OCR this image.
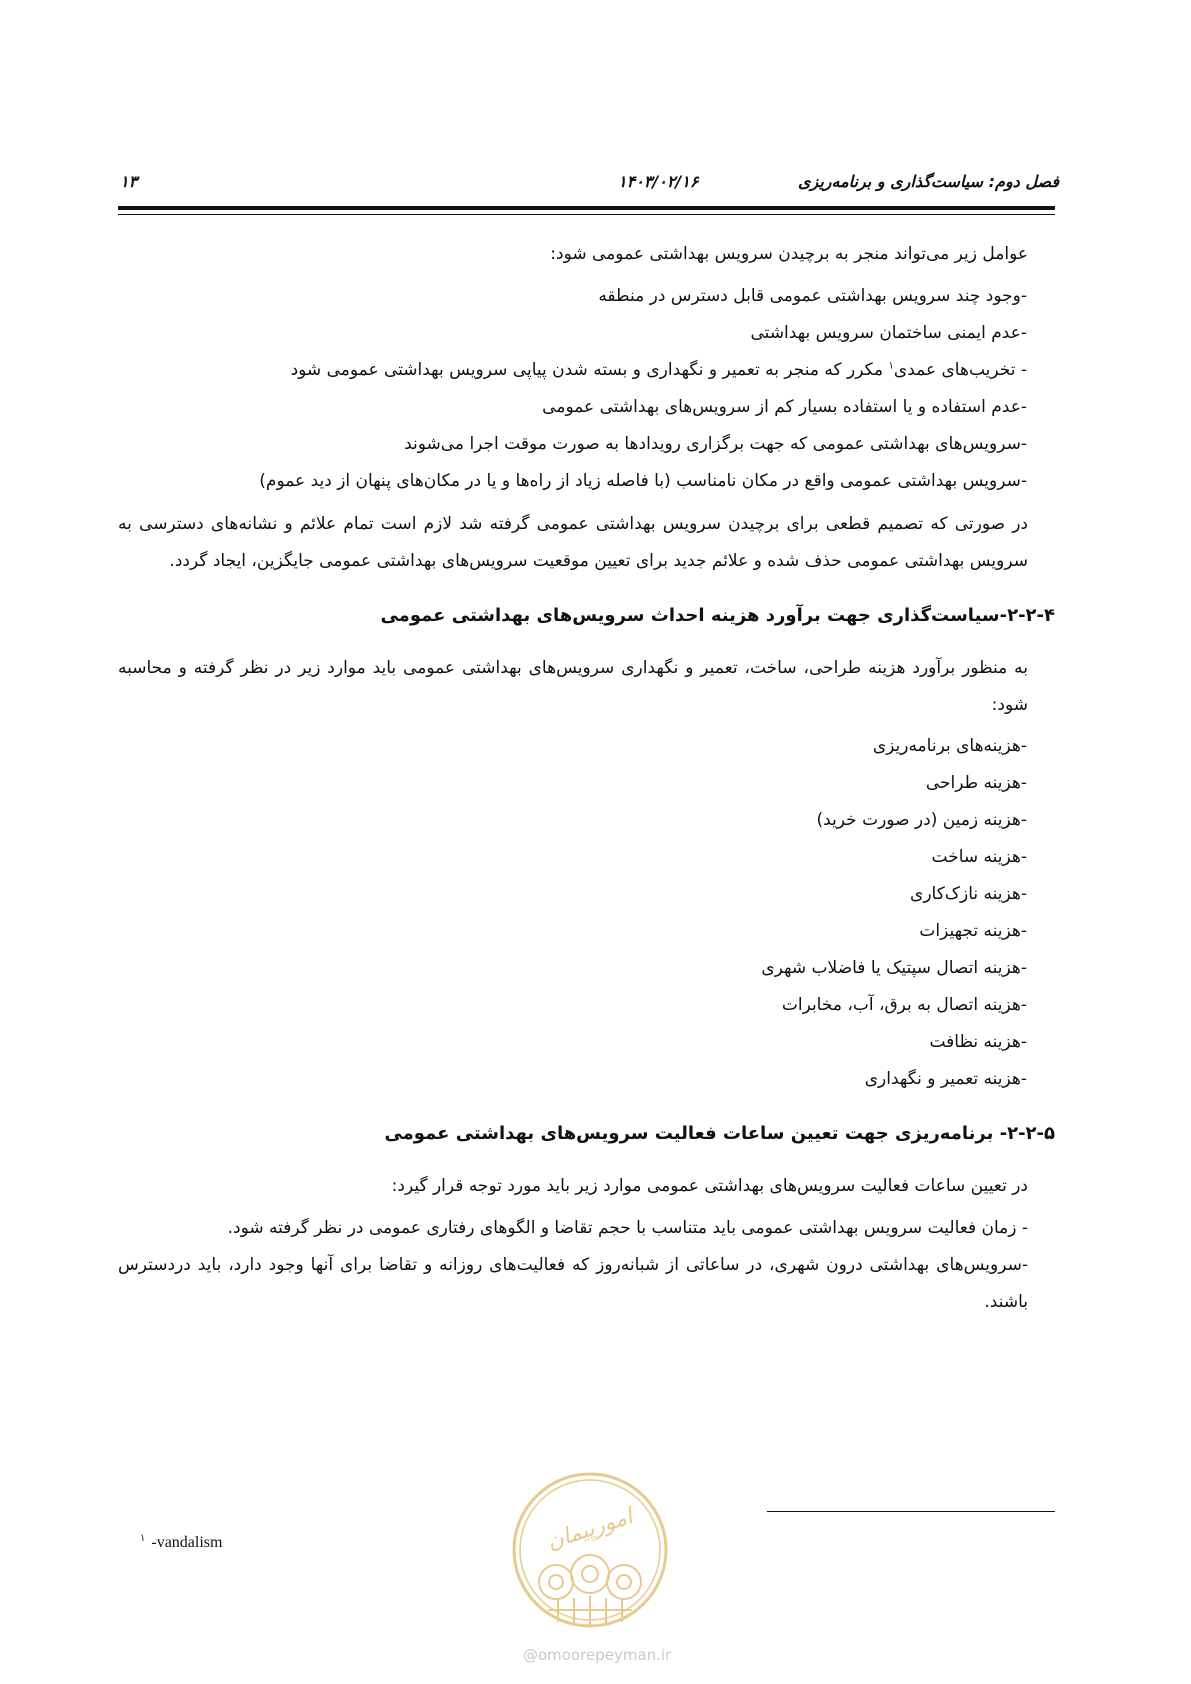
فصل دوم: سیاست‌گذاری و برنامه‌ریزی
۱۴۰۳/۰۲/۱۶
۱۳

عوامل زیر می‌تواند منجر به برچیدن سرویس بهداشتی عمومی شود:

-وجود چند سرویس بهداشتی عمومی قابل دسترس در منطقه

-عدم ایمنی ساختمان سرویس بهداشتی

- تخریب‌های عمدی$^۱$ مکرر که منجر به تعمیر و نگهداری و بسته شدن پیاپی سرویس بهداشتی عمومی شود

-عدم استفاده و یا استفاده بسیار کم از سرویس‌های بهداشتی عمومی

-سرویس‌های بهداشتی عمومی که جهت برگزاری رویدادها به صورت موقت اجرا می‌شوند

-سرویس بهداشتی عمومی واقع در مکان نامناسب (با فاصله زیاد از راه‌ها و یا در مکان‌های پنهان از دید عموم)

در صورتی که تصمیم قطعی برای برچیدن سرویس بهداشتی عمومی گرفته شد لازم است تمام علائم و نشانه‌های دسترسی به سرویس بهداشتی عمومی حذف شده و علائم جدید برای تعیین موقعیت سرویس‌های بهداشتی عمومی جایگزین، ایجاد گردد.

۲-۲-۴-سیاست‌گذاری جهت برآورد هزینه احداث سرویس‌های بهداشتی عمومی

به منظور برآورد هزینه طراحی، ساخت، تعمیر و نگهداری سرویس‌های بهداشتی عمومی باید موارد زیر در نظر گرفته و محاسبه شود:

-هزینه‌های برنامه‌ریزی

-هزینه طراحی

-هزینه زمین (در صورت خرید)

-هزینه ساخت

-هزینه نازک‌کاری

-هزینه تجهیزات

-هزینه اتصال سپتیک یا فاضلاب شهری

-هزینه اتصال به برق، آب، مخابرات

-هزینه نظافت

-هزینه تعمیر و نگهداری

۲-۲-۵- برنامه‌ریزی جهت تعیین ساعات فعالیت سرویس‌های بهداشتی عمومی

در تعیین ساعات فعالیت سرویس‌های بهداشتی عمومی موارد زیر باید مورد توجه قرار گیرد:

- زمان فعالیت سرویس بهداشتی عمومی باید متناسب با حجم تقاضا و الگوهای رفتاری عمومی در نظر گرفته شود.

-سرویس‌های بهداشتی درون شهری، در ساعاتی از شبانه‌روز که فعالیت‌های روزانه و تقاضا برای آنها وجود دارد، باید دردسترس باشند.

$^۱$ -vandalism	امورپیمان
@omoorepeyman.ir
